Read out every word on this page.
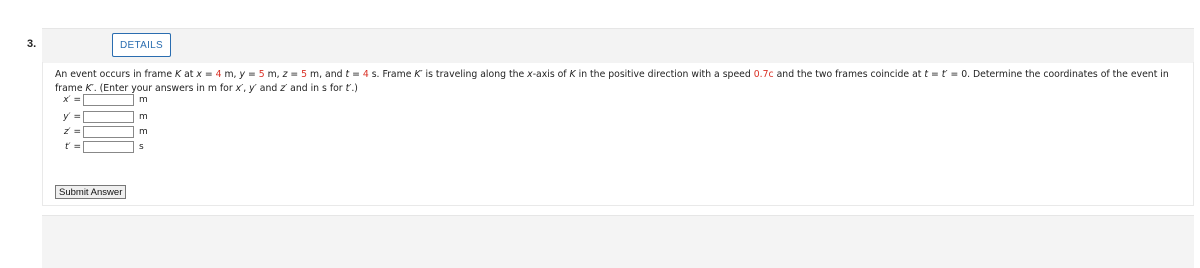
3.	DETAILS
An event occurs in frame K at x = 4 m, y = 5 m, z = 5 m, and t = 4 s. Frame K′ is traveling along the x-axis of K in the positive direction with a speed 0.7c and the two frames coincide at t = t′ = 0. Determine the coordinates of the event in frame K′. (Enter your answers in m for x′, y′ and z′ and in s for t′.)
x′ =	m
y′ =	m
z′ =	m
t′ =	s
Submit Answer
